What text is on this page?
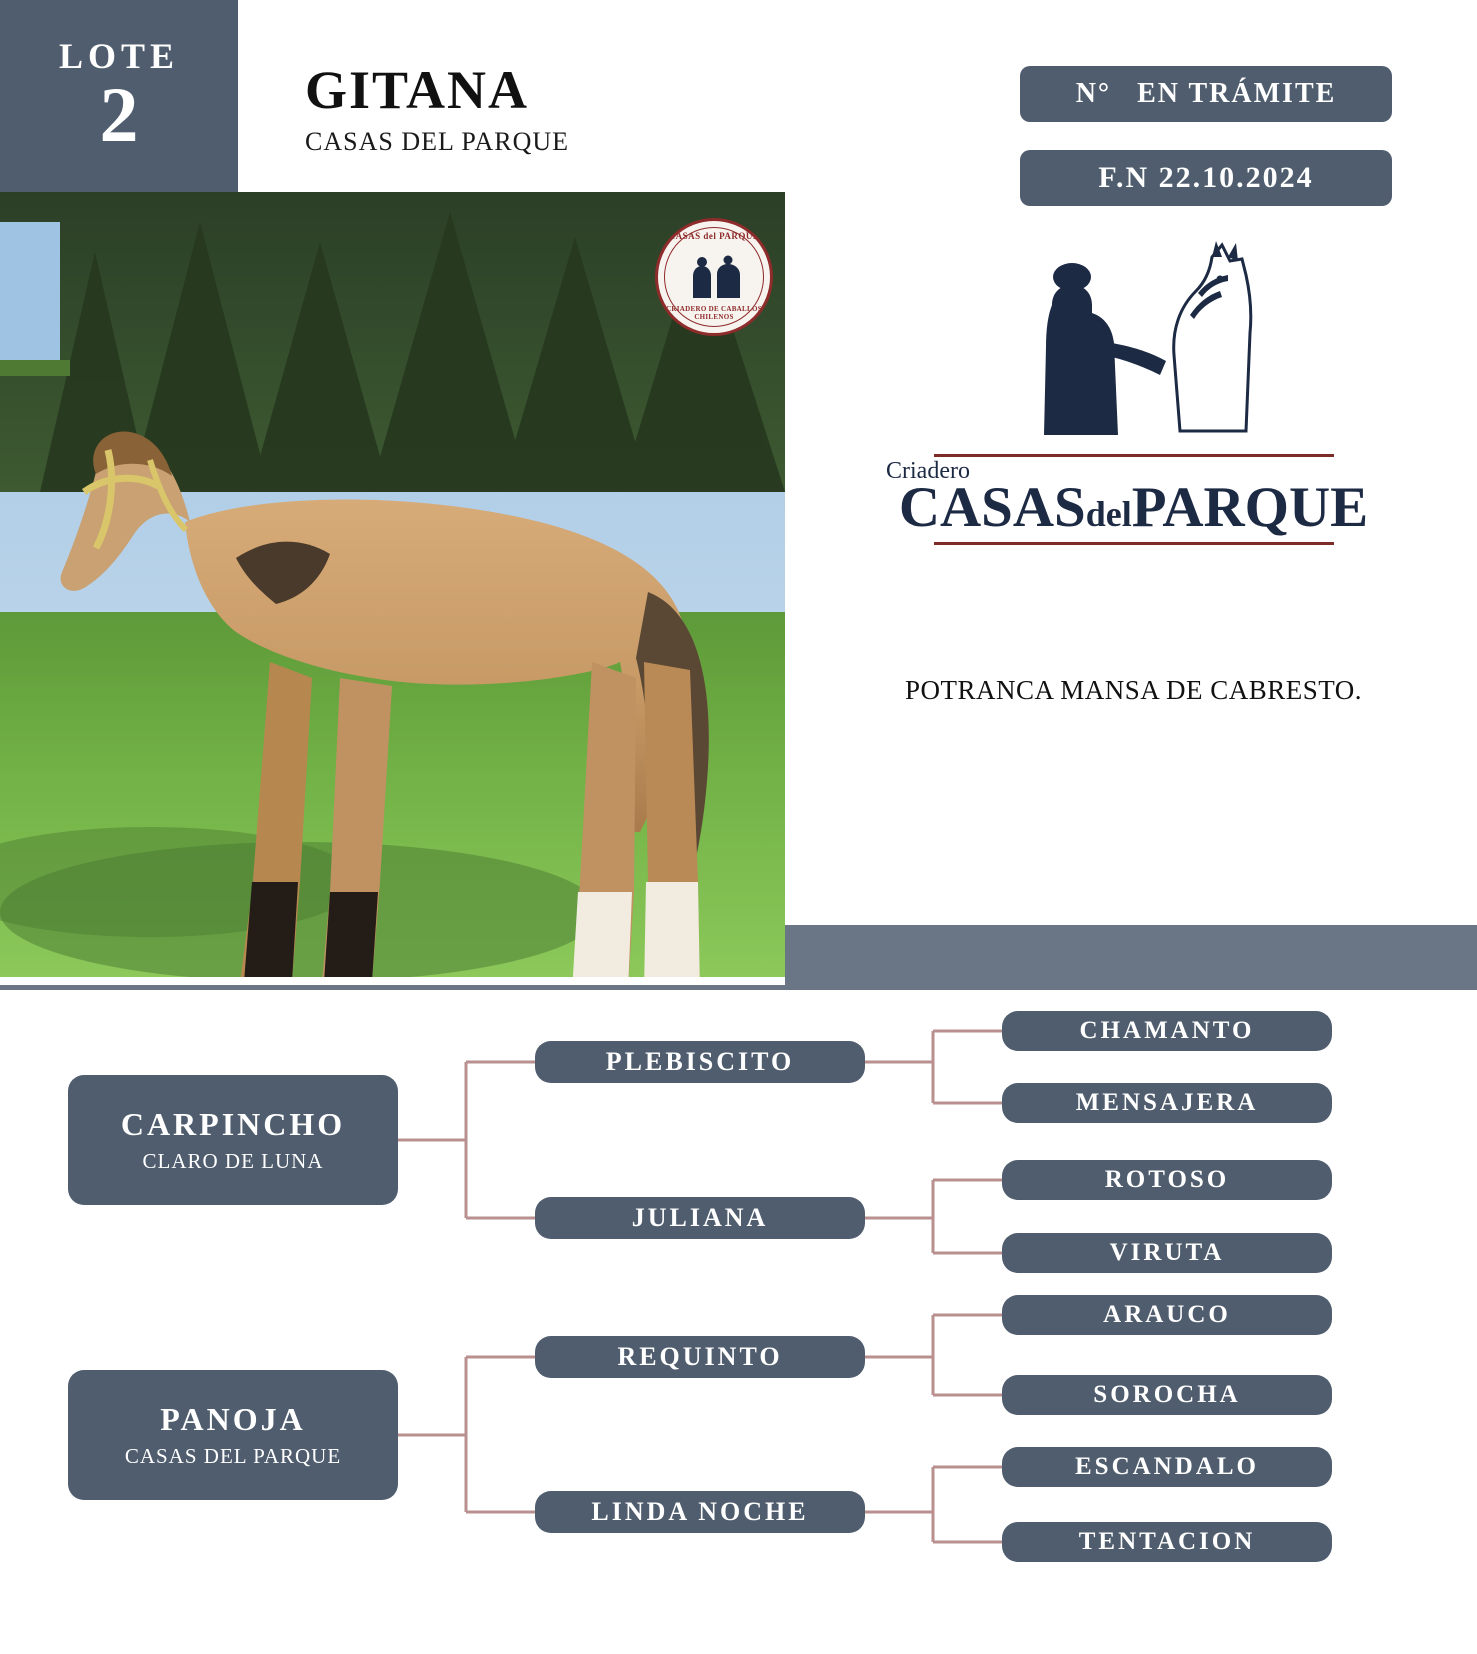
LOTE
2	GITANA
CASAS DEL PARQUE
N° EN TRÁMITE
F.N 22.10.2024
CASAS del PARQUE
CRIADERO DE CABALLOS CHILENOS
Criadero
CASASdelPARQUE
POTRANCA MANSA DE CABRESTO.
CARPINCHO
CLARO DE LUNA
PANOJA
CASAS DEL PARQUE
PLEBISCITO
JULIANA
REQUINTO
LINDA NOCHE
CHAMANTO
MENSAJERA
ROTOSO
VIRUTA
ARAUCO
SOROCHA
ESCANDALO
TENTACION
